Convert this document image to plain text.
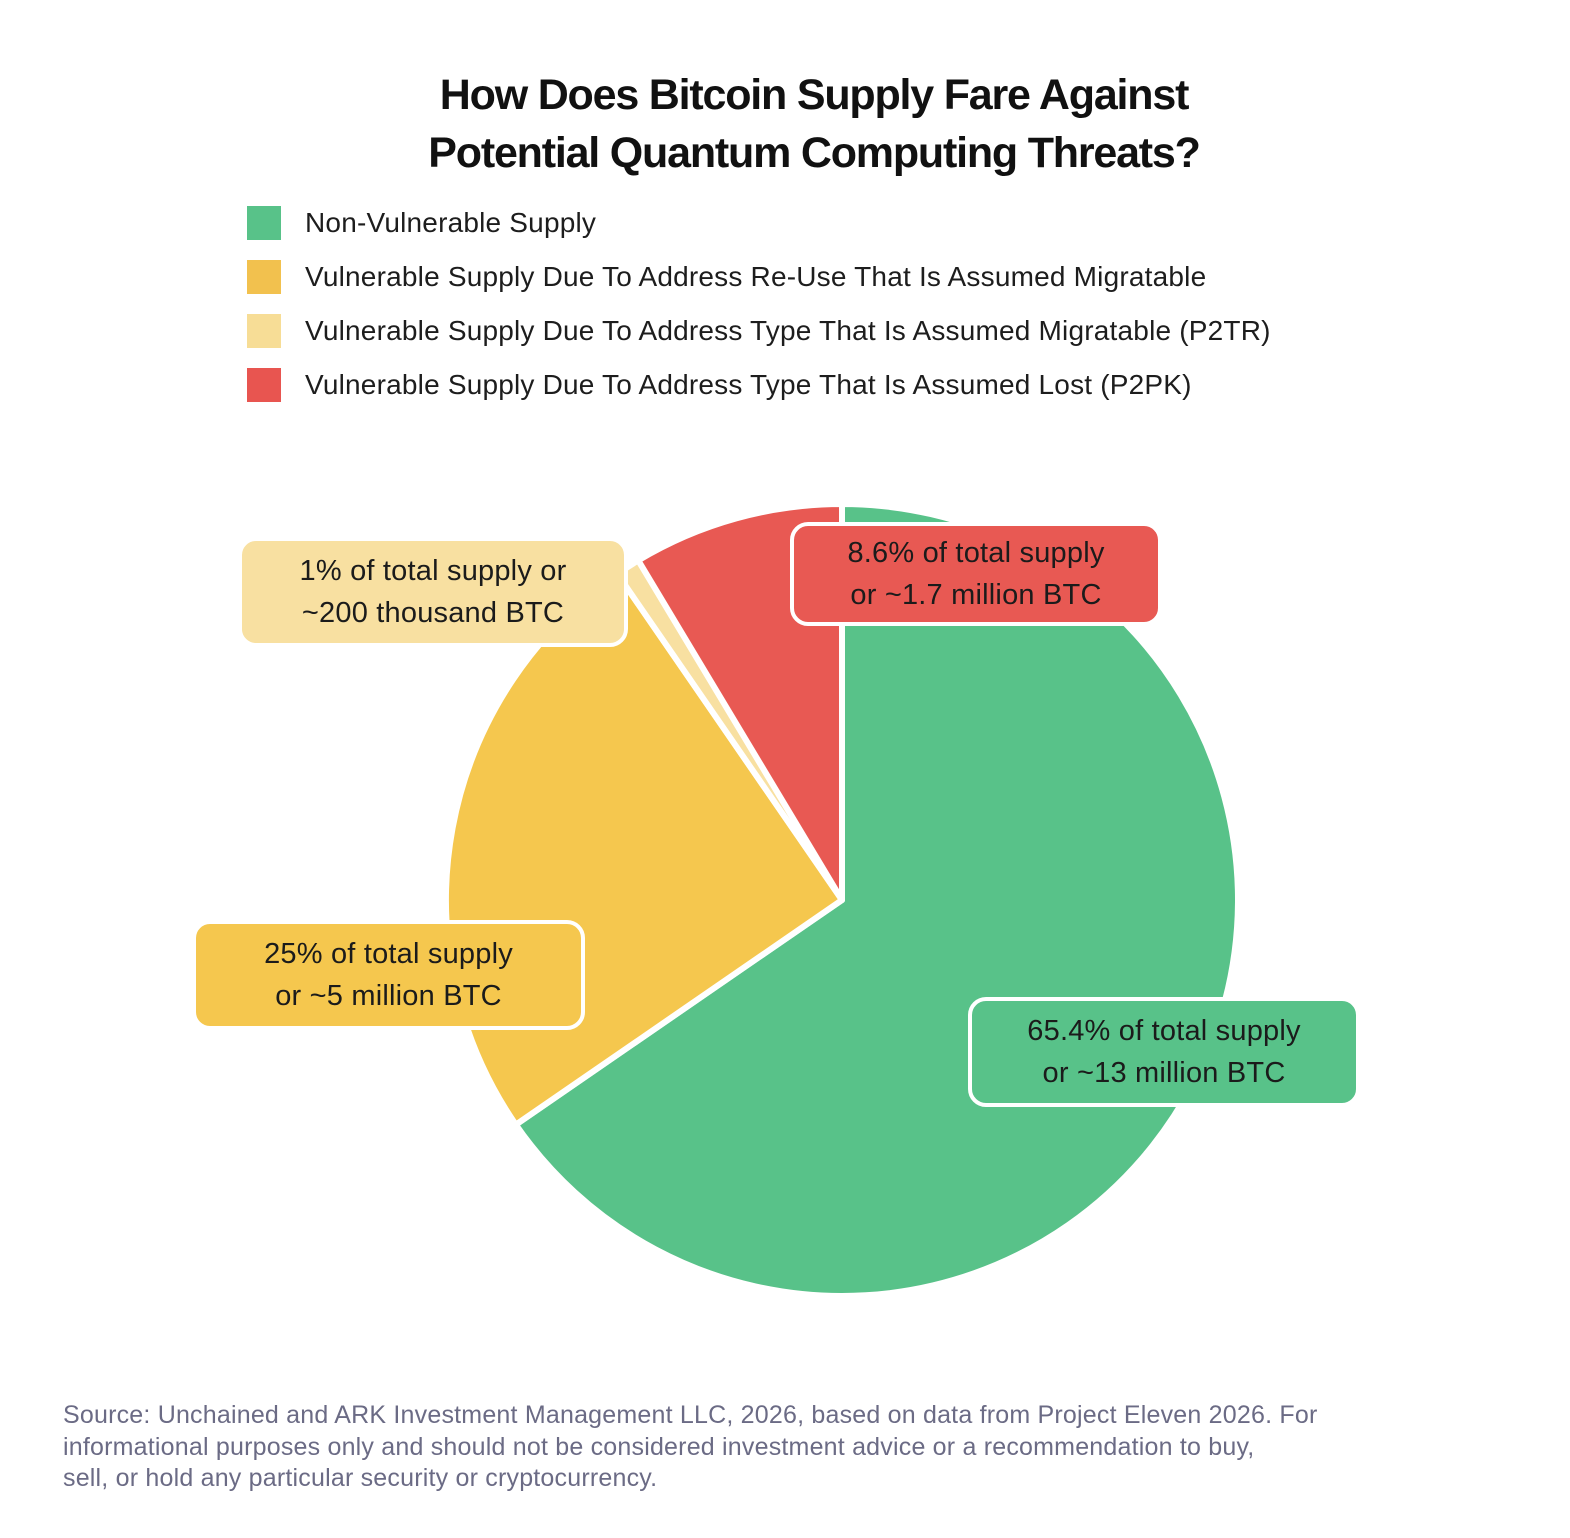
How Does Bitcoin Supply Fare Against
Potential Quantum Computing Threats?
Non-Vulnerable Supply
Vulnerable Supply Due To Address Re-Use That Is Assumed Migratable
Vulnerable Supply Due To Address Type That Is Assumed Migratable (P2TR)
Vulnerable Supply Due To Address Type That Is Assumed Lost (P2PK)
8.6% of total supply
or ~1.7 million BTC
1% of total supply or
~200 thousand BTC
25% of total supply
or ~5 million BTC
65.4% of total supply
or ~13 million BTC
Source: Unchained and ARK Investment Management LLC, 2026, based on data from Project Eleven 2026. For
informational purposes only and should not be considered investment advice or a recommendation to buy,
sell, or hold any particular security or cryptocurrency.
